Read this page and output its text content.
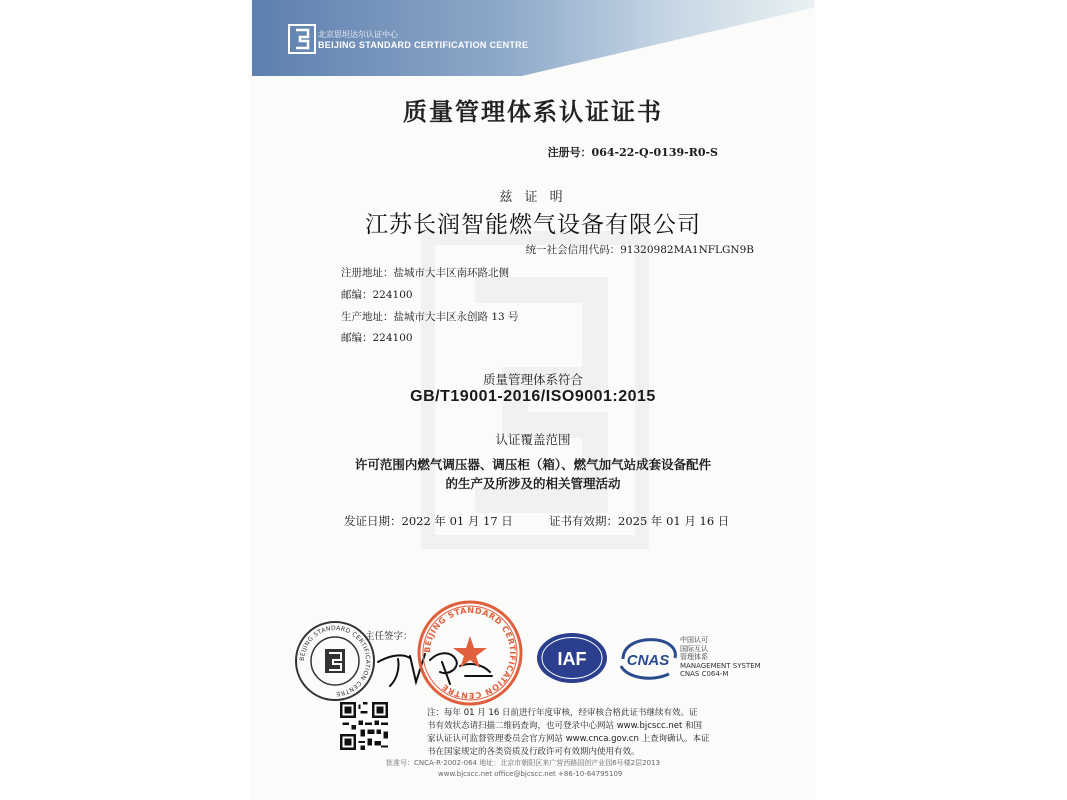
北京思坦达尔认证中心
BEIJING STANDARD CERTIFICATION CENTRE
质量管理体系认证证书
注册号：064-22-Q-0139-R0-S
兹 证 明
江苏长润智能燃气设备有限公司
统一社会信用代码：91320982MA1NFLGN9B
注册地址：盐城市大丰区南环路北侧
邮编：224100
生产地址：盐城市大丰区永创路 13 号
邮编：224100
质量管理体系符合
GB/T19001-2016/ISO9001:2015
认证覆盖范围
许可范围内燃气调压器、调压柜（箱）、燃气加气站成套设备配件
的生产及所涉及的相关管理活动
发证日期：2022 年 01 月 17 日	证书有效期：2025 年 01 月 16 日
BEIJING STANDARD CERTIFICATION CENTRE
主任签字：
BEIJING STANDARD CERTIFICATION CENTRE
IAF	CNAS
中国认可
国际互认
管理体系
MANAGEMENT SYSTEM
CNAS C064-M
注：每年 01 月 16 日前进行年度审核，经审核合格此证书继续有效。证
书有效状态请扫描二维码查询，也可登录中心网站 www.bjcscc.net 和国
家认证认可监督管理委员会官方网站 www.cnca.gov.cn 上查询确认。本证
书在国家规定的各类资质及行政许可有效期内使用有效。
批准号：CNCA-R-2002-064 地址：北京市朝阳区来广营西路国创产业园6号楼2层2013
www.bjcscc.net office@bjcscc.net +86-10-64795109
